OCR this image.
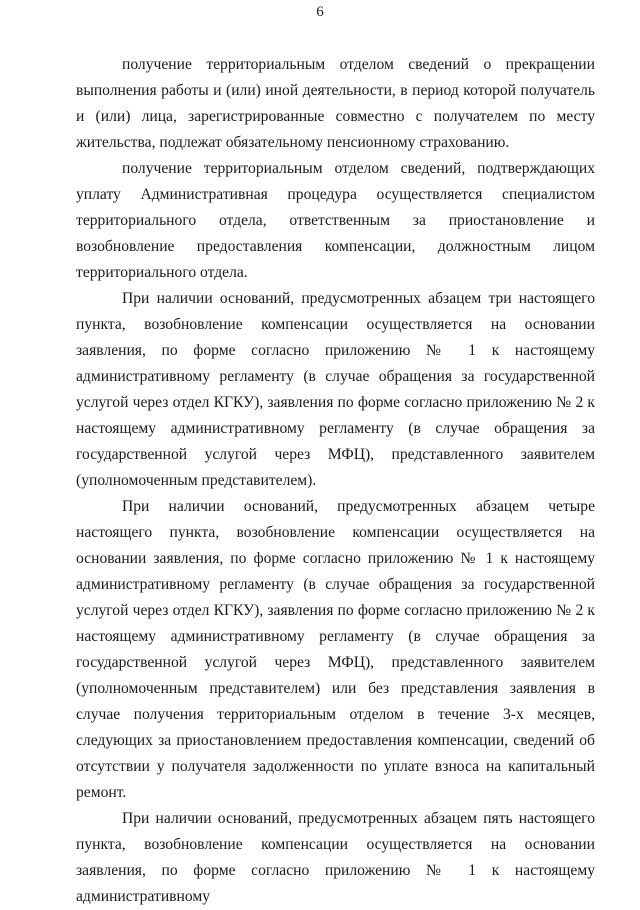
6

получение территориальным отделом сведений о прекращении выполнения работы и (или) иной деятельности, в период которой получатель и (или) лица, зарегистрированные совместно с получателем по месту жительства, подлежат обязательному пенсионному страхованию.

получение территориальным отделом сведений, подтверждающих уплату Административная процедура осуществляется специалистом территориального отдела, ответственным за приостановление и возобновление предоставления компенсации, должностным лицом территориального отдела.

При наличии оснований, предусмотренных абзацем три настоящего пункта, возобновление компенсации осуществляется на основании заявления, по форме согласно приложению № 1 к настоящему административному регламенту (в случае обращения за государственной услугой через отдел КГКУ), заявления по форме согласно приложению № 2 к настоящему административному регламенту (в случае обращения за государственной услугой через МФЦ), представленного заявителем (уполномоченным представителем).

При наличии оснований, предусмотренных абзацем четыре настоящего пункта, возобновление компенсации осуществляется на основании заявления, по форме согласно приложению № 1 к настоящему административному регламенту (в случае обращения за государственной услугой через отдел КГКУ), заявления по форме согласно приложению № 2 к настоящему административному регламенту (в случае обращения за государственной услугой через МФЦ), представленного заявителем (уполномоченным представителем) или без представления заявления в случае получения территориальным отделом в течение 3-х месяцев, следующих за приостановлением предоставления компенсации, сведений об отсутствии у получателя задолженности по уплате взноса на капитальный ремонт.

При наличии оснований, предусмотренных абзацем пять настоящего пункта, возобновление компенсации осуществляется на основании заявления, по форме согласно приложению № 1 к настоящему административному
